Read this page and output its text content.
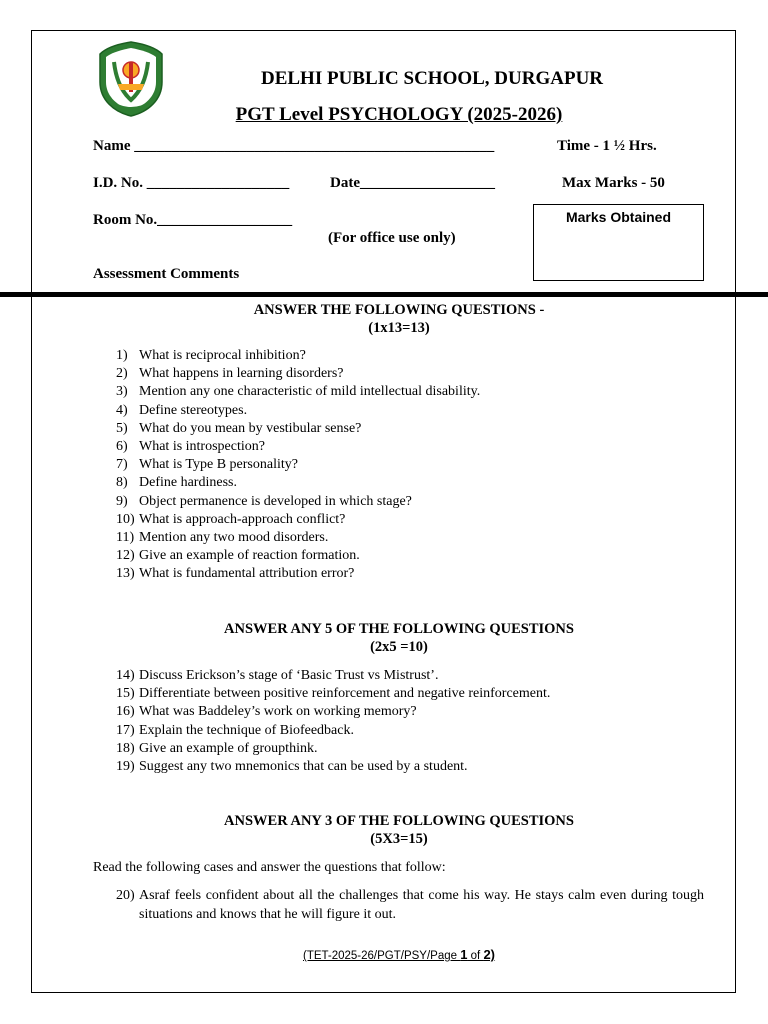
DELHI PUBLIC SCHOOL, DURGAPUR
PGT Level PSYCHOLOGY (2025-2026)
Name ________________________________________________	Time - 1 ½ Hrs.
I.D. No. ___________________	Date__________________	Max Marks - 50
Room No.__________________
(For office use only)
Marks Obtained
Assessment Comments
ANSWER THE FOLLOWING QUESTIONS -
(1x13=13)
1) What is reciprocal inhibition?
2) What happens in learning disorders?
3) Mention any one characteristic of mild intellectual disability.
4) Define stereotypes.
5) What do you mean by vestibular sense?
6) What is introspection?
7) What is Type B personality?
8) Define hardiness.
9) Object permanence is developed in which stage?
10) What is approach-approach conflict?
11) Mention any two mood disorders.
12) Give an example of reaction formation.
13) What is fundamental attribution error?
ANSWER ANY 5 OF THE FOLLOWING QUESTIONS
(2x5 =10)
14) Discuss Erickson’s stage of ‘Basic Trust vs Mistrust’.
15) Differentiate between positive reinforcement and negative reinforcement.
16) What was Baddeley’s work on working memory?
17) Explain the technique of Biofeedback.
18) Give an example of groupthink.
19) Suggest any two mnemonics that can be used by a student.
ANSWER ANY 3 OF THE FOLLOWING QUESTIONS
(5X3=15)
Read the following cases and answer the questions that follow:
20) Asraf feels confident about all the challenges that come his way. He stays calm even during tough situations and knows that he will figure it out.
(TET-2025-26/PGT/PSY/Page 1 of 2)
